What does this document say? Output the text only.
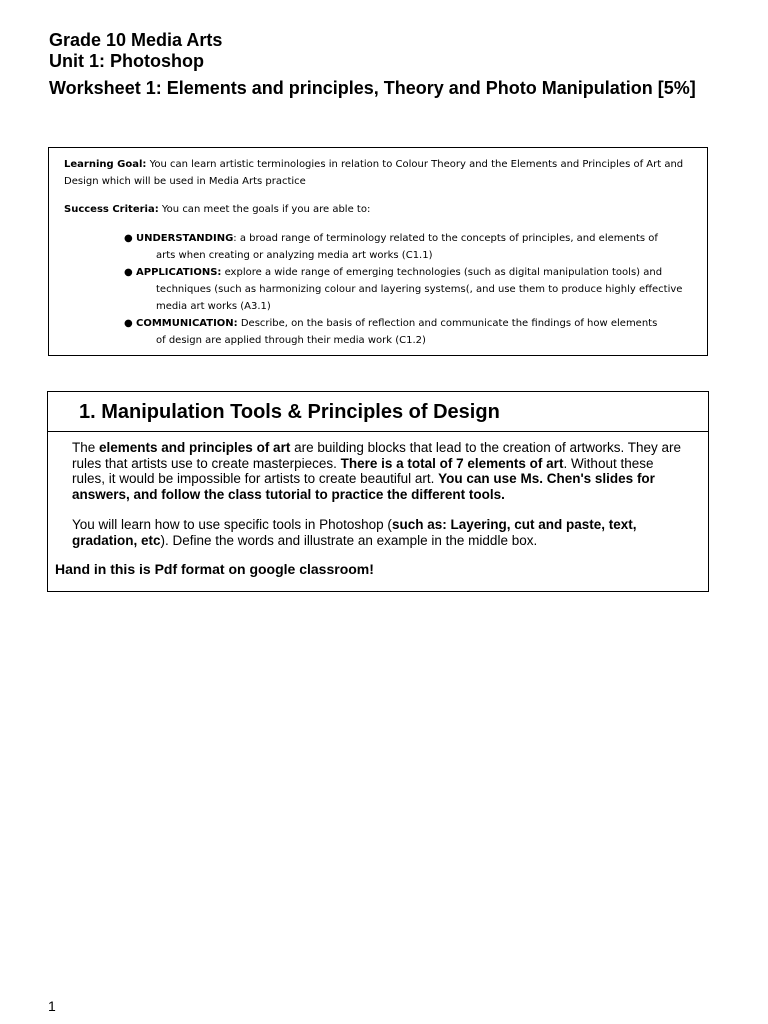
Grade 10 Media Arts
Unit 1: Photoshop
Worksheet 1: Elements and principles, Theory and Photo Manipulation [5%]

Learning Goal: You can learn artistic terminologies in relation to Colour Theory and the Elements and Principles of Art and Design which will be used in Media Arts practice

Success Criteria: You can meet the goals if you are able to:

● UNDERSTANDING: a broad range of terminology related to the concepts of principles, and elements of
arts when creating or analyzing media art works (C1.1)
● APPLICATIONS: explore a wide range of emerging technologies (such as digital manipulation tools) and
techniques (such as harmonizing colour and layering systems(, and use them to produce highly effective media art works (A3.1)
● COMMUNICATION: Describe, on the basis of reflection and communicate the findings of how elements
of design are applied through their media work (C1.2)
1. Manipulation Tools & Principles of Design

The elements and principles of art are building blocks that lead to the creation of artworks. They are rules that artists use to create masterpieces. There is a total of 7 elements of art. Without these rules, it would be impossible for artists to create beautiful art. You can use Ms. Chen's slides for answers, and follow the class tutorial to practice the different tools.

You will learn how to use specific tools in Photoshop (such as: Layering, cut and paste, text, gradation, etc). Define the words and illustrate an example in the middle box.

Hand in this is Pdf format on google classroom!

1
